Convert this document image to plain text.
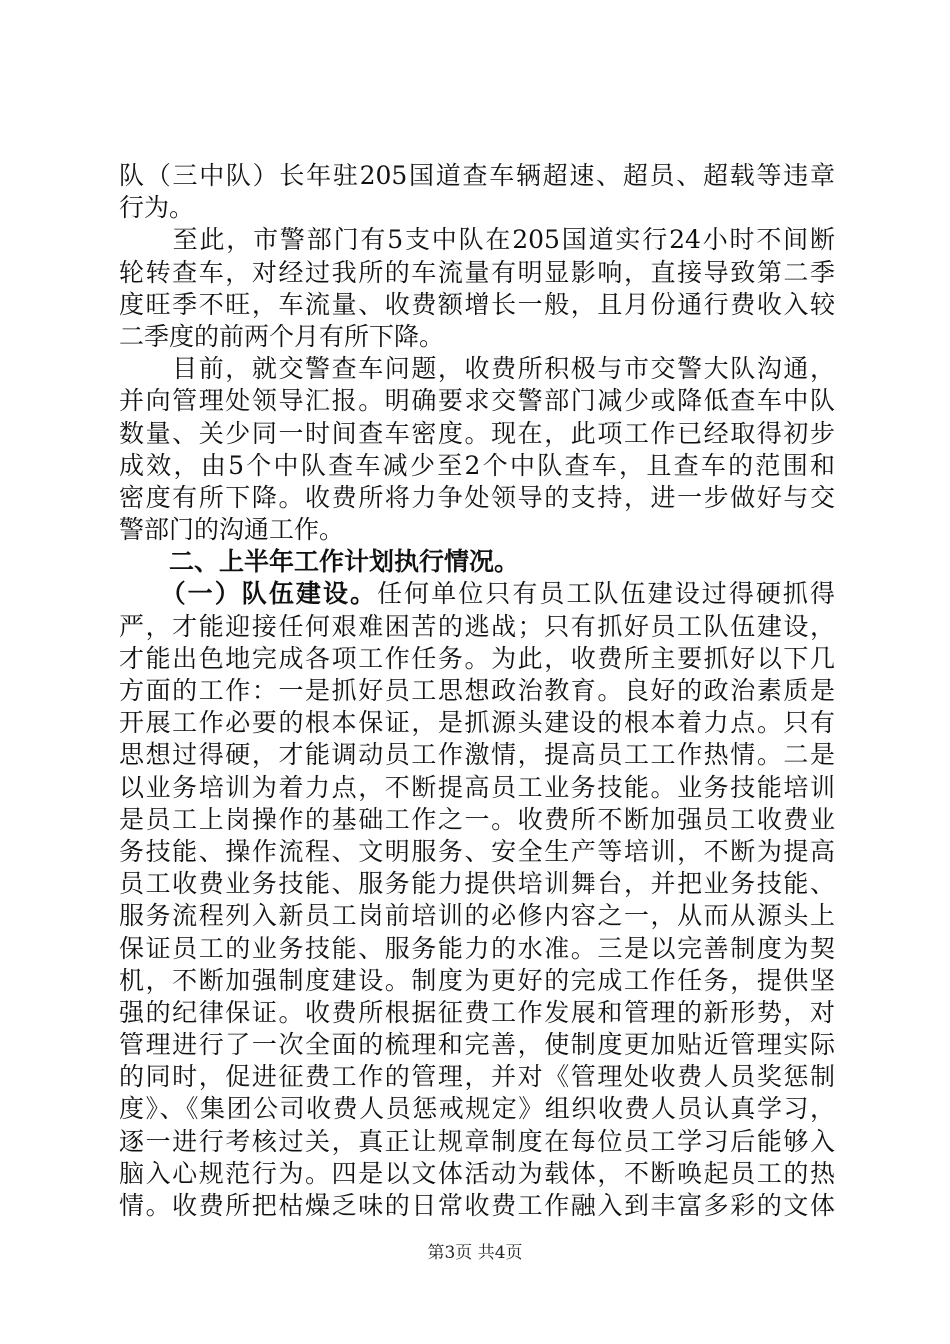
队（三中队）长年驻205国道查车辆超速、超员、超载等违章
行为。
　　至此，市警部门有5支中队在205国道实行24小时不间断
轮转查车，对经过我所的车流量有明显影响，直接导致第二季
度旺季不旺，车流量、收费额增长一般，且月份通行费收入较
二季度的前两个月有所下降。
　　目前，就交警查车问题，收费所积极与市交警大队沟通，
并向管理处领导汇报。明确要求交警部门减少或降低查车中队
数量、关少同一时间查车密度。现在，此项工作已经取得初步
成效，由5个中队查车减少至2个中队查车，且查车的范围和
密度有所下降。收费所将力争处领导的支持，进一步做好与交
警部门的沟通工作。
　　二、上半年工作计划执行情况。
　　（一）队伍建设。任何单位只有员工队伍建设过得硬抓得
严，才能迎接任何艰难困苦的逃战；只有抓好员工队伍建设，
才能出色地完成各项工作任务。为此，收费所主要抓好以下几
方面的工作：一是抓好员工思想政治教育。良好的政治素质是
开展工作必要的根本保证，是抓源头建设的根本着力点。只有
思想过得硬，才能调动员工作激情，提高员工工作热情。二是
以业务培训为着力点，不断提高员工业务技能。业务技能培训
是员工上岗操作的基础工作之一。收费所不断加强员工收费业
务技能、操作流程、文明服务、安全生产等培训，不断为提高
员工收费业务技能、服务能力提供培训舞台，并把业务技能、
服务流程列入新员工岗前培训的必修内容之一，从而从源头上
保证员工的业务技能、服务能力的水准。三是以完善制度为契
机，不断加强制度建设。制度为更好的完成工作任务，提供坚
强的纪律保证。收费所根据征费工作发展和管理的新形势，对
管理进行了一次全面的梳理和完善，使制度更加贴近管理实际
的同时，促进征费工作的管理，并对《管理处收费人员奖惩制
度》、《集团公司收费人员惩戒规定》组织收费人员认真学习，
逐一进行考核过关，真正让规章制度在每位员工学习后能够入
脑入心规范行为。四是以文体活动为载体，不断唤起员工的热
情。收费所把枯燥乏味的日常收费工作融入到丰富多彩的文体
第3页 共4页
